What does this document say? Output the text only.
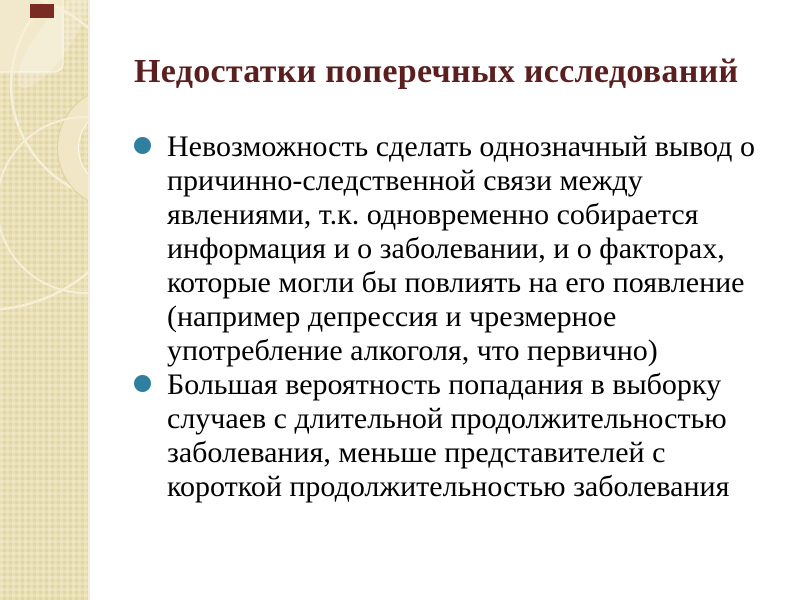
Недостатки поперечных исследований
Невозможность сделать однозначный вывод о причинно-следственной связи между явлениями, т.к. одновременно собирается информация и о заболевании, и о факторах, которые могли бы повлиять на его появление (например депрессия и чрезмерное употребление алкоголя, что первично)
Большая вероятность попадания в выборку случаев с длительной продолжительностью заболевания, меньше представителей с короткой продолжительностью заболевания
